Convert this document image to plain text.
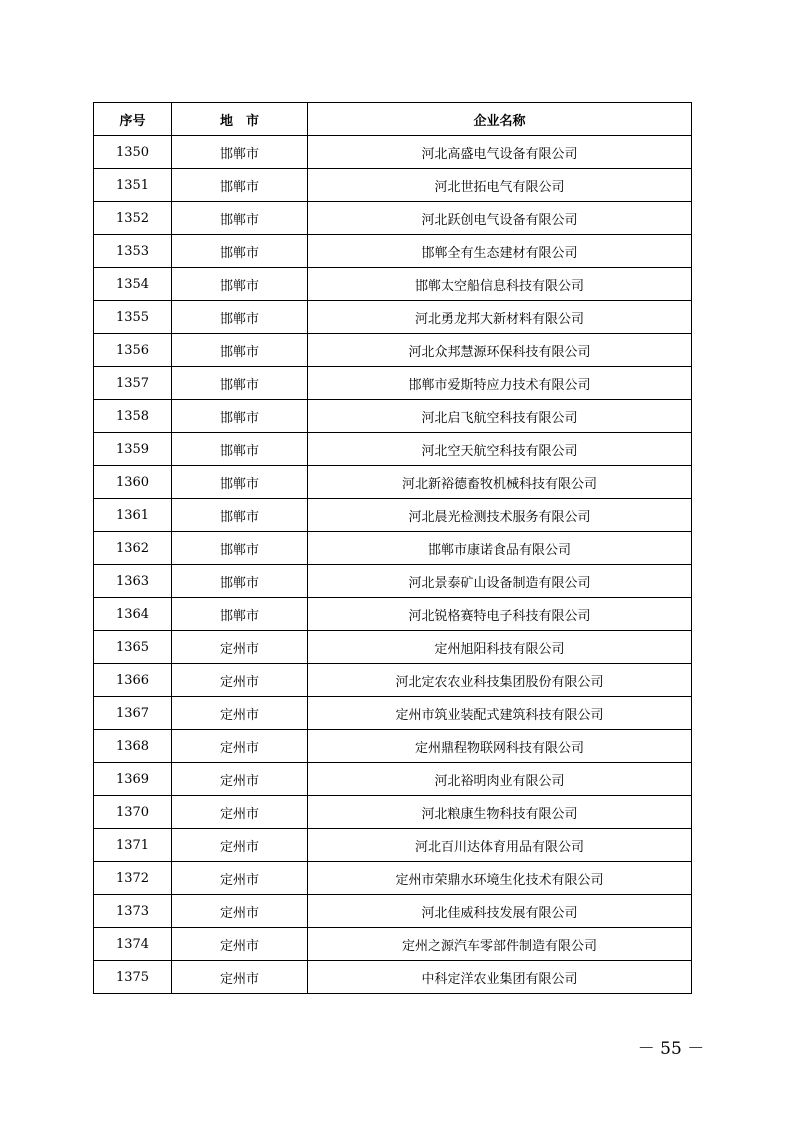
序号	地　市	企业名称
1350	邯郸市	河北高盛电气设备有限公司
1351	邯郸市	河北世拓电气有限公司
1352	邯郸市	河北跃创电气设备有限公司
1353	邯郸市	邯郸全有生态建材有限公司
1354	邯郸市	邯郸太空船信息科技有限公司
1355	邯郸市	河北勇龙邦大新材料有限公司
1356	邯郸市	河北众邦慧源环保科技有限公司
1357	邯郸市	邯郸市爱斯特应力技术有限公司
1358	邯郸市	河北启飞航空科技有限公司
1359	邯郸市	河北空天航空科技有限公司
1360	邯郸市	河北新裕德畜牧机械科技有限公司
1361	邯郸市	河北晨光检测技术服务有限公司
1362	邯郸市	邯郸市康诺食品有限公司
1363	邯郸市	河北景泰矿山设备制造有限公司
1364	邯郸市	河北锐格赛特电子科技有限公司
1365	定州市	定州旭阳科技有限公司
1366	定州市	河北定农农业科技集团股份有限公司
1367	定州市	定州市筑业装配式建筑科技有限公司
1368	定州市	定州鼎程物联网科技有限公司
1369	定州市	河北裕明肉业有限公司
1370	定州市	河北粮康生物科技有限公司
1371	定州市	河北百川达体育用品有限公司
1372	定州市	定州市荣鼎水环境生化技术有限公司
1373	定州市	河北佳威科技发展有限公司
1374	定州市	定州之源汽车零部件制造有限公司
1375	定州市	中科定洋农业集团有限公司
－ 55 －
